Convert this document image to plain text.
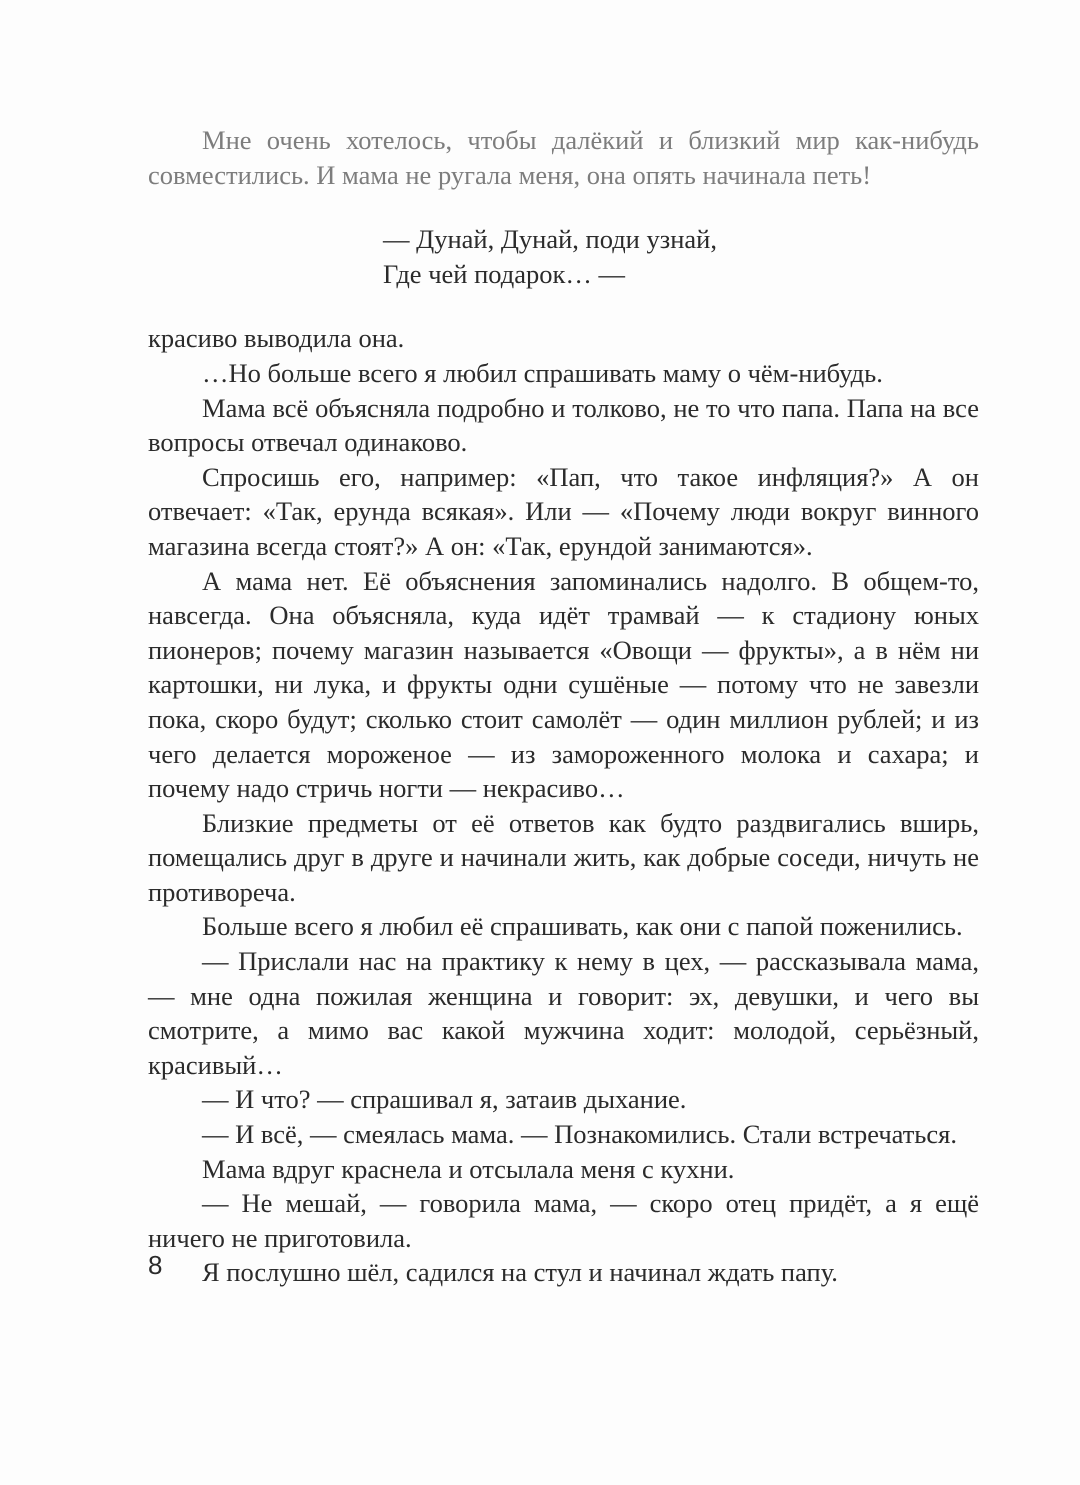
Мне очень хотелось, чтобы далёкий и близкий мир как-нибудь совместились. И мама не ругала меня, она опять начинала петь!

— Дунай, Дунай, поди узнай,
Где чей подарок… —

красиво выводила она.

…Но больше всего я любил спрашивать маму о чём-нибудь.

Мама всё объясняла подробно и толково, не то что папа. Папа на все вопросы отвечал одинаково.

Спросишь его, например: «Пап, что такое инфляция?» А он отвечает: «Так, ерунда всякая». Или — «Почему люди вокруг винного магазина всегда стоят?» А он: «Так, ерундой занимаются».

А мама нет. Её объяснения запоминались надолго. В общем-то, навсегда. Она объясняла, куда идёт трамвай — к стадиону юных пионеров; почему магазин называется «Овощи — фрукты», а в нём ни картошки, ни лука, и фрукты одни сушёные — потому что не завезли пока, скоро будут; сколько стоит самолёт — один миллион рублей; и из чего делается мороженое — из замороженного молока и сахара; и почему надо стричь ногти — некрасиво…

Близкие предметы от её ответов как будто раздвигались вширь, помещались друг в друге и начинали жить, как добрые соседи, ничуть не противореча.

Больше всего я любил её спрашивать, как они с папой поженились.

— Прислали нас на практику к нему в цех, — рассказывала мама, — мне одна пожилая женщина и говорит: эх, девушки, и чего вы смотрите, а мимо вас какой мужчина ходит: молодой, серьёзный, красивый…

— И что? — спрашивал я, затаив дыхание.

— И всё, — смеялась мама. — Познакомились. Стали встречаться.

Мама вдруг краснела и отсылала меня с кухни.

— Не мешай, — говорила мама, — скоро отец придёт, а я ещё ничего не приготовила.

Я послушно шёл, садился на стул и начинал ждать папу.

8
